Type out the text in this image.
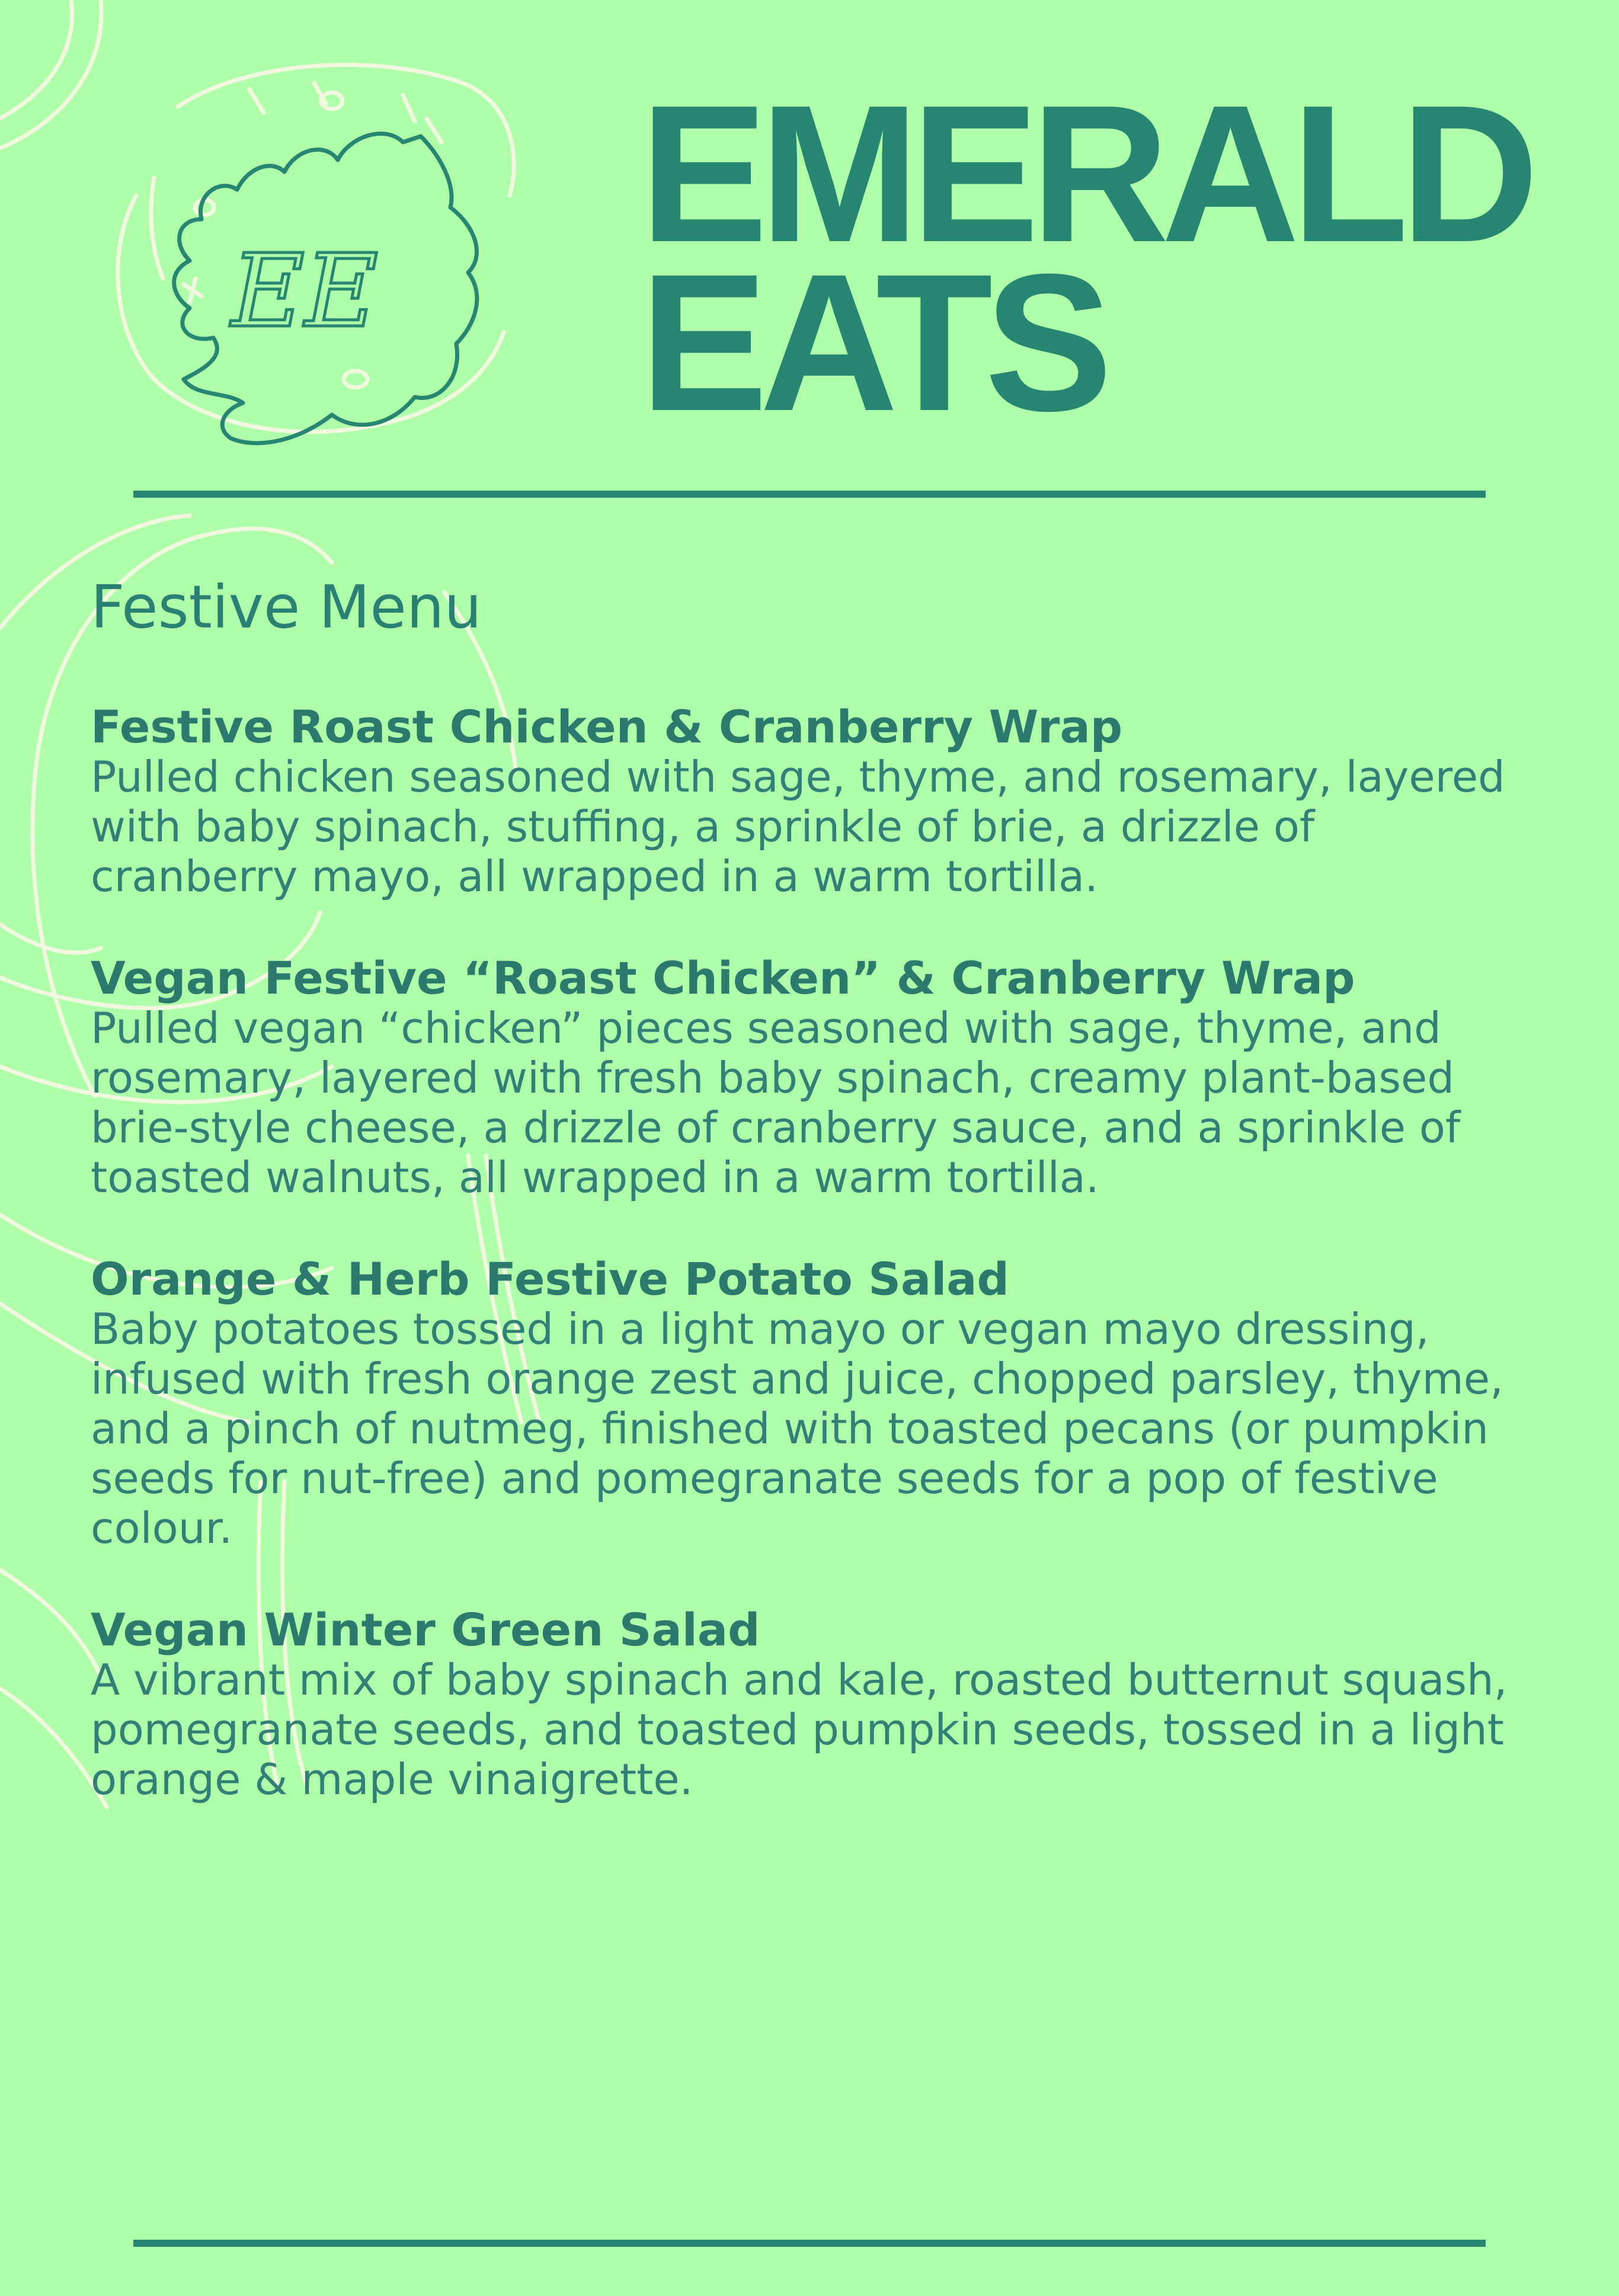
EE
EMERALD
EATS
Festive Menu

Festive Roast Chicken & Cranberry Wrap

Pulled chicken seasoned with sage, thyme, and rosemary, layered with baby spinach, stuffing, a sprinkle of brie, a drizzle of cranberry mayo, all wrapped in a warm tortilla.

Vegan Festive “Roast Chicken” & Cranberry Wrap

Pulled vegan “chicken” pieces seasoned with sage, thyme, and rosemary, layered with fresh baby spinach, creamy plant-based brie-style cheese, a drizzle of cranberry sauce, and a sprinkle of toasted walnuts, all wrapped in a warm tortilla.

Orange & Herb Festive Potato Salad

Baby potatoes tossed in a light mayo or vegan mayo dressing, infused with fresh orange zest and juice, chopped parsley, thyme, and a pinch of nutmeg, finished with toasted pecans (or pumpkin seeds for nut-free) and pomegranate seeds for a pop of festive colour.

Vegan Winter Green Salad

A vibrant mix of baby spinach and kale, roasted butternut squash, pomegranate seeds, and toasted pumpkin seeds, tossed in a light orange & maple vinaigrette.
